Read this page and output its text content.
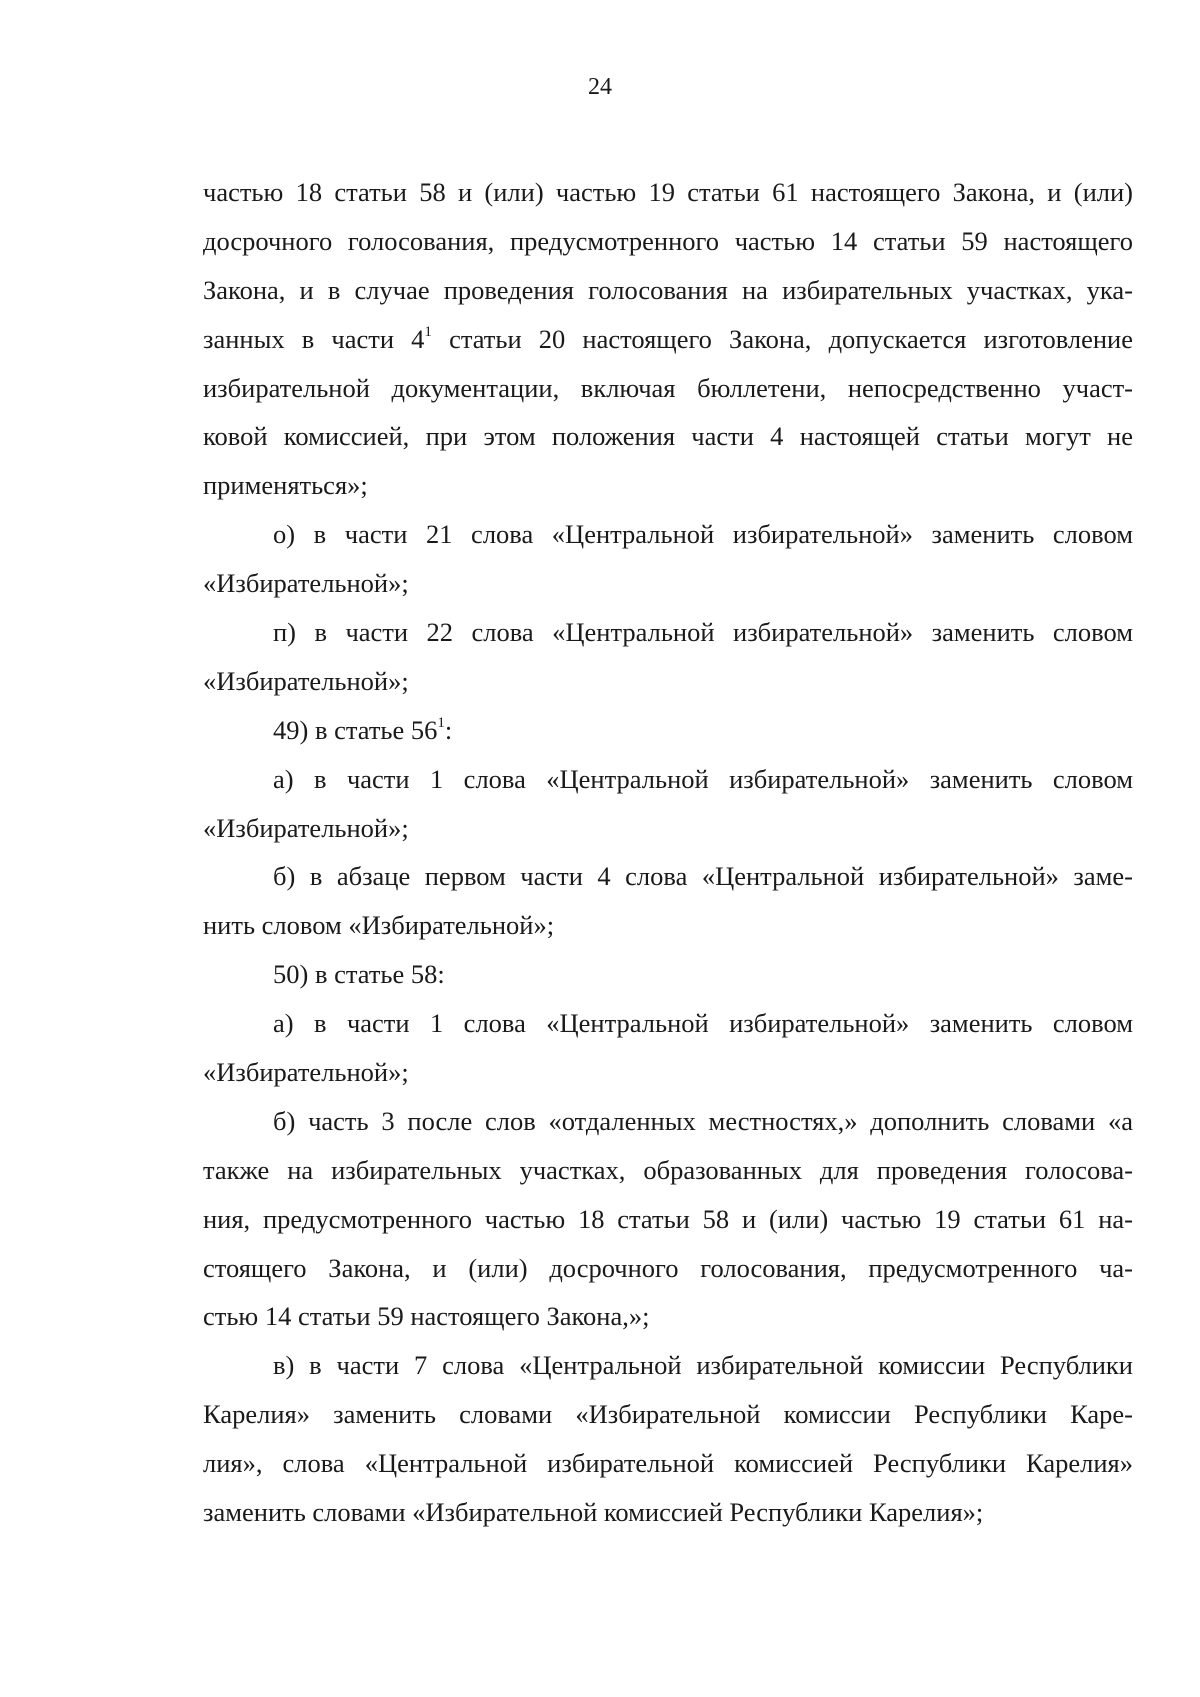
24
частью 18 статьи 58 и (или) частью 19 статьи 61 настоящего Закона, и (или)
досрочного голосования, предусмотренного частью 14 статьи 59 настоящего
Закона, и в случае проведения голосования на избирательных участках, ука-
занных в части $4^1$ статьи 20 настоящего Закона, допускается изготовление
избирательной документации, включая бюллетени, непосредственно участ-
ковой комиссией, при этом положения части 4 настоящей статьи могут не
применяться»;
о) в части 21 слова «Центральной избирательной» заменить словом
«Избирательной»;
п) в части 22 слова «Центральной избирательной» заменить словом
«Избирательной»;
49) в статье $56^1$:
а) в части 1 слова «Центральной избирательной» заменить словом
«Избирательной»;
б) в абзаце первом части 4 слова «Центральной избирательной» заме-
нить словом «Избирательной»;
50) в статье 58:
а) в части 1 слова «Центральной избирательной» заменить словом
«Избирательной»;
б) часть 3 после слов «отдаленных местностях,» дополнить словами «а
также на избирательных участках, образованных для проведения голосова-
ния, предусмотренного частью 18 статьи 58 и (или) частью 19 статьи 61 на-
стоящего Закона, и (или) досрочного голосования, предусмотренного ча-
стью 14 статьи 59 настоящего Закона,»;
в) в части 7 слова «Центральной избирательной комиссии Республики
Карелия» заменить словами «Избирательной комиссии Республики Каре-
лия», слова «Центральной избирательной комиссией Республики Карелия»
заменить словами «Избирательной комиссией Республики Карелия»;
